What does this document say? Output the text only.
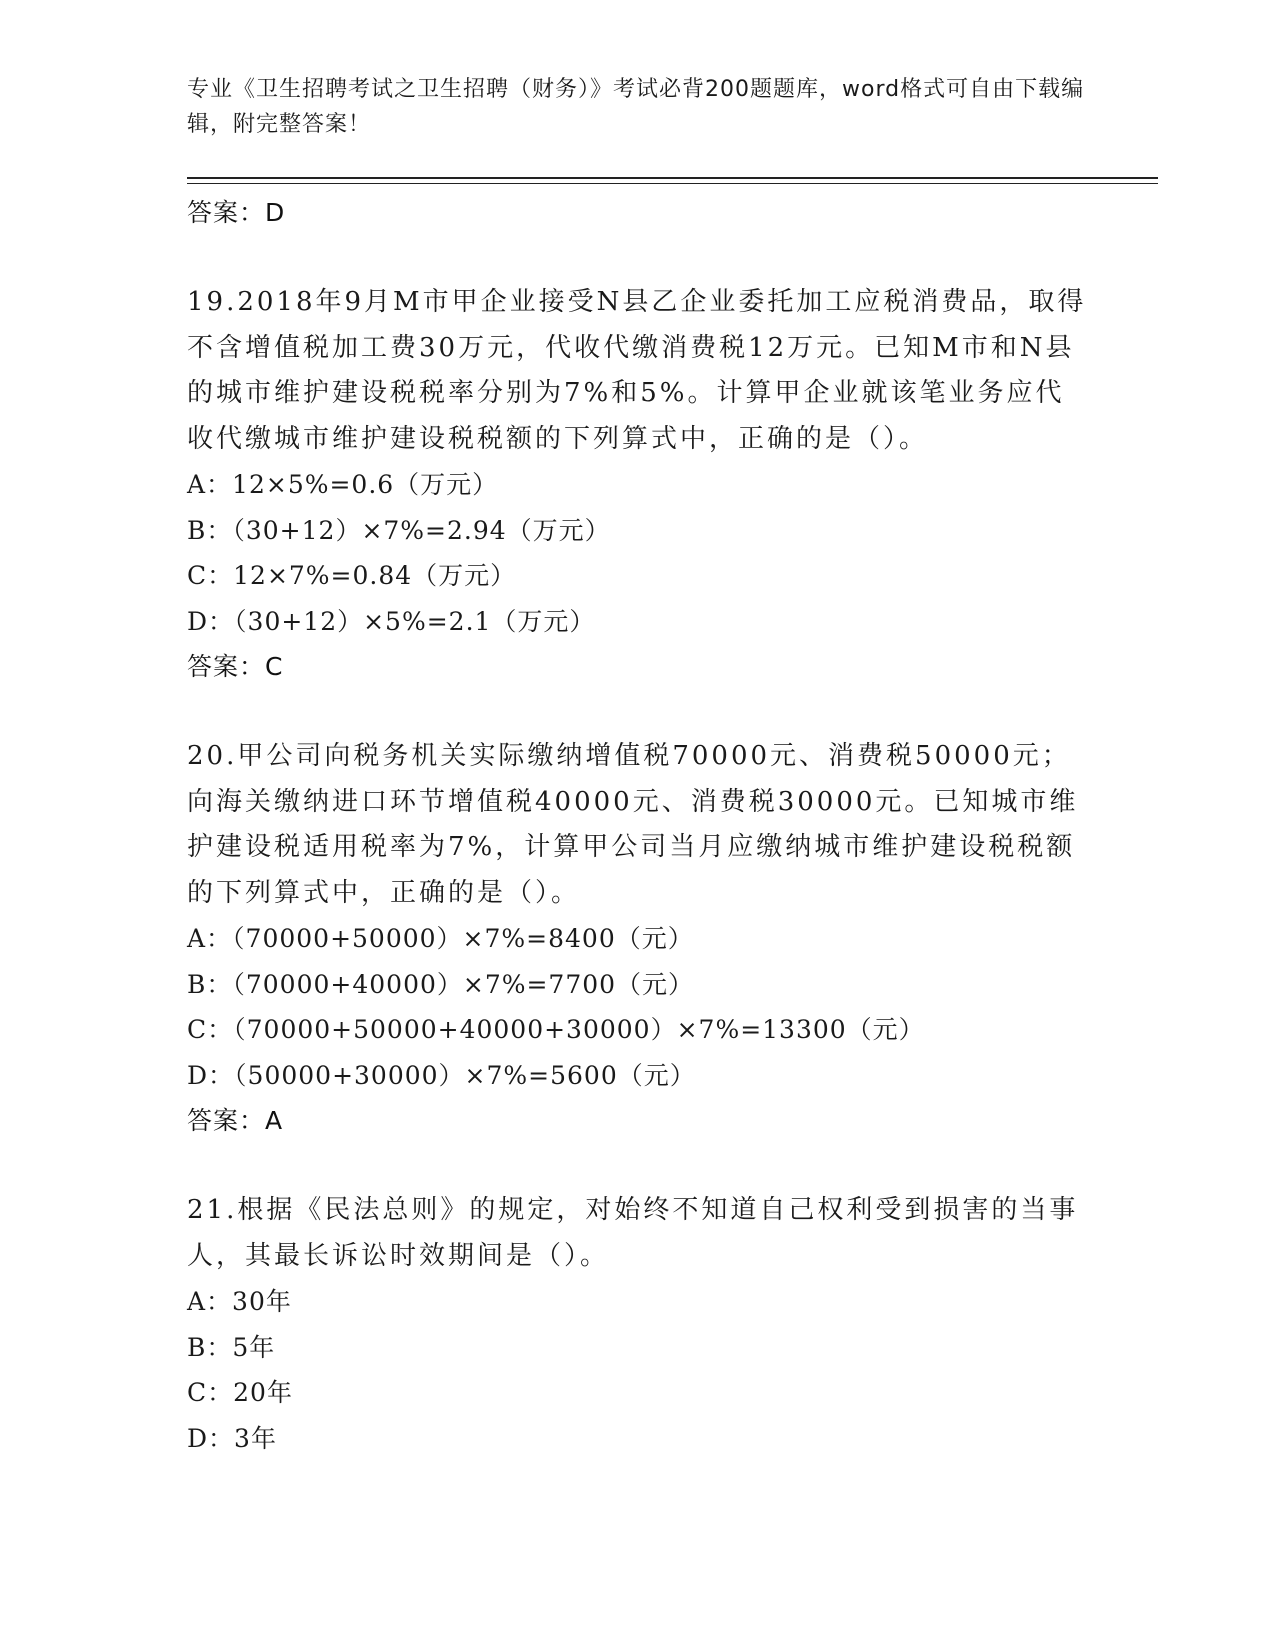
专业《卫生招聘考试之卫生招聘（财务）》考试必背200题题库，word格式可自由下载编辑，附完整答案！
答案：D
19.2018年9月M市甲企业接受N县乙企业委托加工应税消费品，取得不含增值税加工费30万元，代收代缴消费税12万元。已知M市和N县的城市维护建设税税率分别为7%和5%。计算甲企业就该笔业务应代收代缴城市维护建设税税额的下列算式中，正确的是（）。
A：12×5%=0.6（万元）
B：（30+12）×7%=2.94（万元）
C：12×7%=0.84（万元）
D：（30+12）×5%=2.1（万元）
答案：C
20.甲公司向税务机关实际缴纳增值税70000元、消费税50000元；向海关缴纳进口环节增值税40000元、消费税30000元。已知城市维护建设税适用税率为7%，计算甲公司当月应缴纳城市维护建设税税额的下列算式中，正确的是（）。
A：（70000+50000）×7%=8400（元）
B：（70000+40000）×7%=7700（元）
C：（70000+50000+40000+30000）×7%=13300（元）
D：（50000+30000）×7%=5600（元）
答案：A
21.根据《民法总则》的规定，对始终不知道自己权利受到损害的当事人，其最长诉讼时效期间是（）。
A：30年
B：5年
C：20年
D：3年
